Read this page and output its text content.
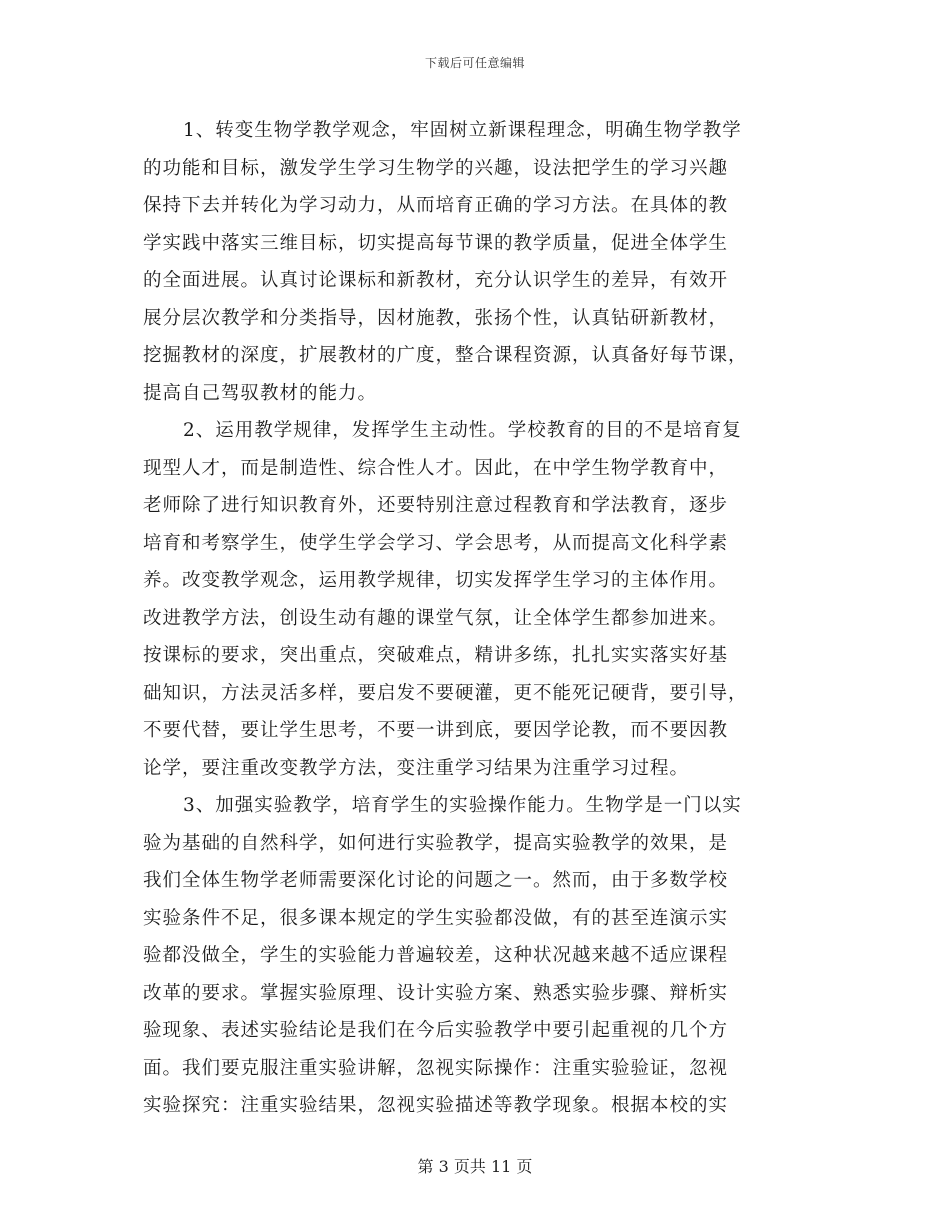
下载后可任意编辑
1、转变生物学教学观念，牢固树立新课程理念，明确生物学教学
的功能和目标，激发学生学习生物学的兴趣，设法把学生的学习兴趣
保持下去并转化为学习动力，从而培育正确的学习方法。在具体的教
学实践中落实三维目标，切实提高每节课的教学质量，促进全体学生
的全面进展。认真讨论课标和新教材，充分认识学生的差异，有效开
展分层次教学和分类指导，因材施教，张扬个性，认真钻研新教材，
挖掘教材的深度，扩展教材的广度，整合课程资源，认真备好每节课，
提高自己驾驭教材的能力。
2、运用教学规律，发挥学生主动性。学校教育的目的不是培育复
现型人才，而是制造性、综合性人才。因此，在中学生物学教育中，
老师除了进行知识教育外，还要特别注意过程教育和学法教育，逐步
培育和考察学生，使学生学会学习、学会思考，从而提高文化科学素
养。改变教学观念，运用教学规律，切实发挥学生学习的主体作用。
改进教学方法，创设生动有趣的课堂气氛，让全体学生都参加进来。
按课标的要求，突出重点，突破难点，精讲多练，扎扎实实落实好基
础知识，方法灵活多样，要启发不要硬灌，更不能死记硬背，要引导，
不要代替，要让学生思考，不要一讲到底，要因学论教，而不要因教
论学，要注重改变教学方法，变注重学习结果为注重学习过程。
3、加强实验教学，培育学生的实验操作能力。生物学是一门以实
验为基础的自然科学，如何进行实验教学，提高实验教学的效果，是
我们全体生物学老师需要深化讨论的问题之一。然而，由于多数学校
实验条件不足，很多课本规定的学生实验都没做，有的甚至连演示实
验都没做全，学生的实验能力普遍较差，这种状况越来越不适应课程
改革的要求。掌握实验原理、设计实验方案、熟悉实验步骤、辩析实
验现象、表述实验结论是我们在今后实验教学中要引起重视的几个方
面。我们要克服注重实验讲解，忽视实际操作：注重实验验证，忽视
实验探究：注重实验结果，忽视实验描述等教学现象。根据本校的实
第 3 页共 11 页
